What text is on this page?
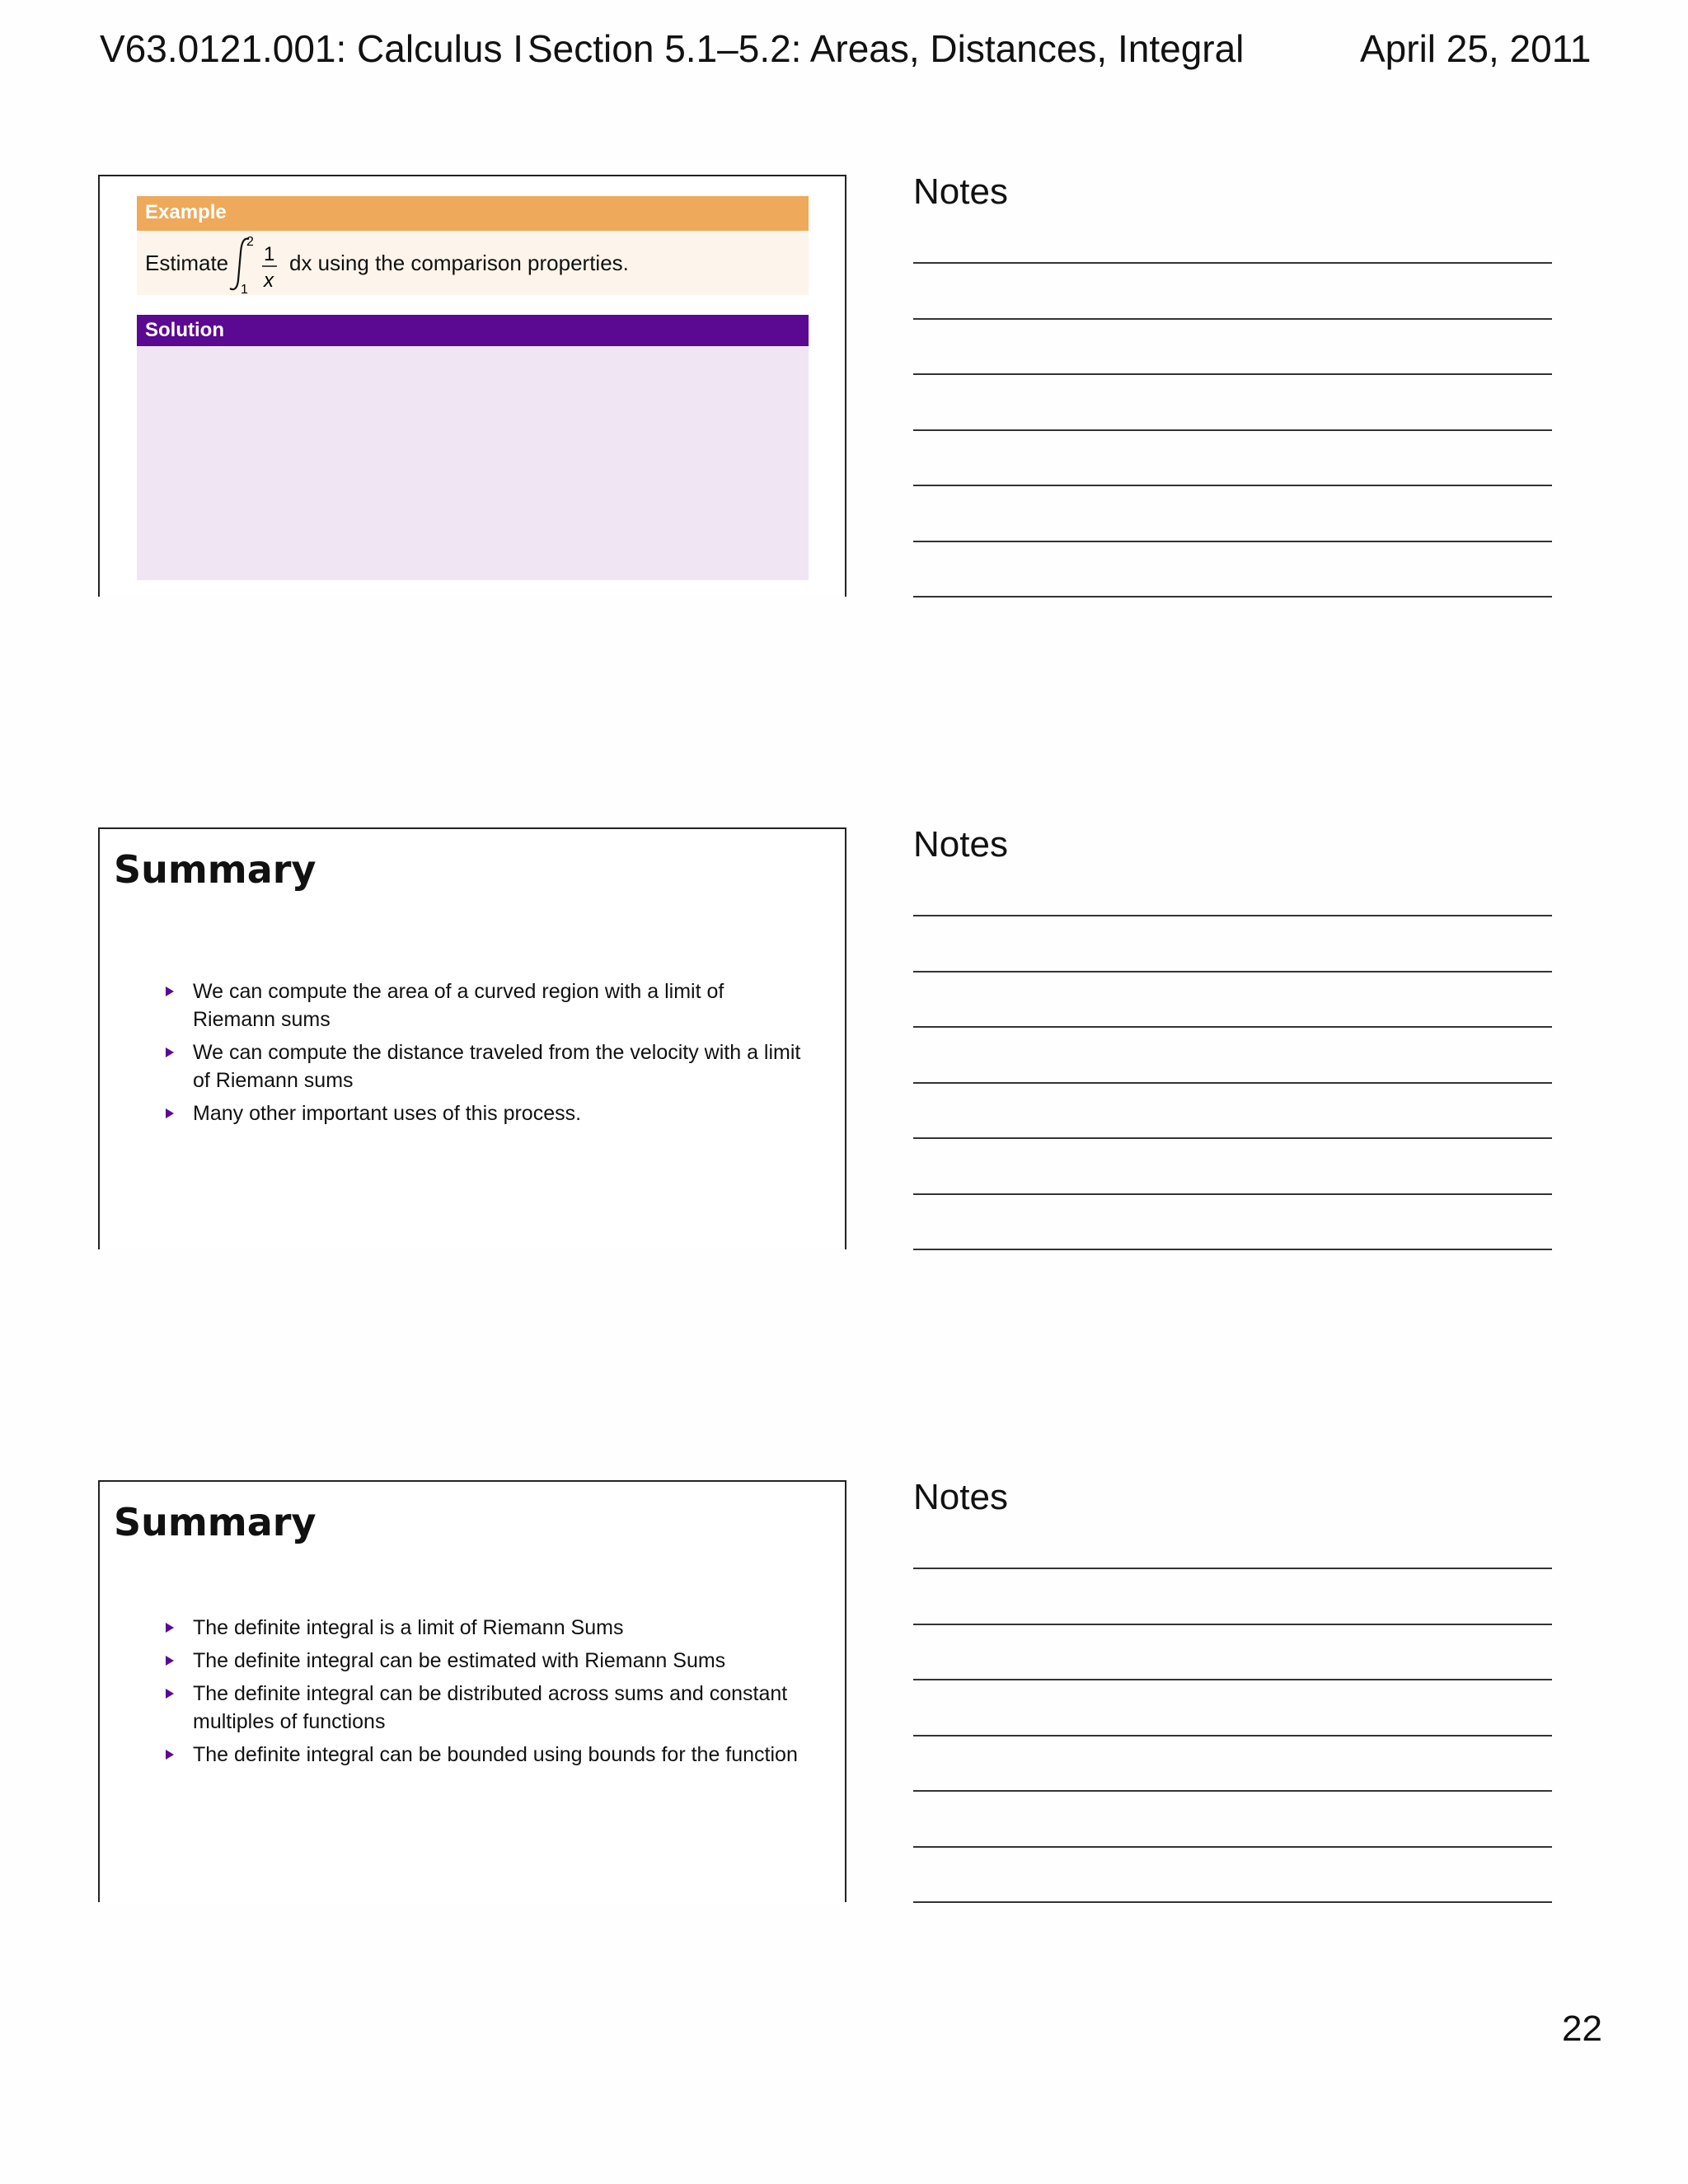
V63.0121.001: Calculus I Section 5.1–5.2: Areas, Distances, Integral	April 25, 2011
Example
Estimate
2
1
1
x
dx using the comparison properties.
Solution
Summary
We can compute the area of a curved region with a limit of Riemann sums
We can compute the distance traveled from the velocity with a limit of Riemann sums
Many other important uses of this process.
Summary
The definite integral is a limit of Riemann Sums
The definite integral can be estimated with Riemann Sums
The definite integral can be distributed across sums and constant multiples of functions
The definite integral can be bounded using bounds for the function
Notes
Notes
Notes
22
